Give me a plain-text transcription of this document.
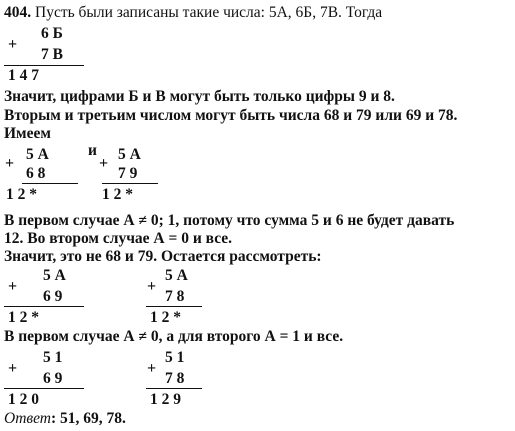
404. Пусть были записаны такие числа: 5А, 6Б, 7В. Тогда
+
6 Б
7 В
1 4 7
Значит, цифрами Б и В могут быть только цифры 9 и 8.
Вторым и третьим числом могут быть числа 68 и 79 или 69 и 78.
Имеем
+
5 А
6 8
1 2 *
и
+
5 А
7 9
1 2 *
В первом случае А ≠ 0; 1, потому что сумма 5 и 6 не будет давать
12. Во втором случае А = 0 и все.
Значит, это не 68 и 79. Остается рассмотреть:
+
5 А
6 9
1 2 *
+
5 А
7 8
1 2 *
В первом случае А ≠ 0, а для второго А = 1 и все.
+
5 1
6 9
1 2 0
+
5 1
7 8
1 2 9
Ответ: 51, 69, 78.
